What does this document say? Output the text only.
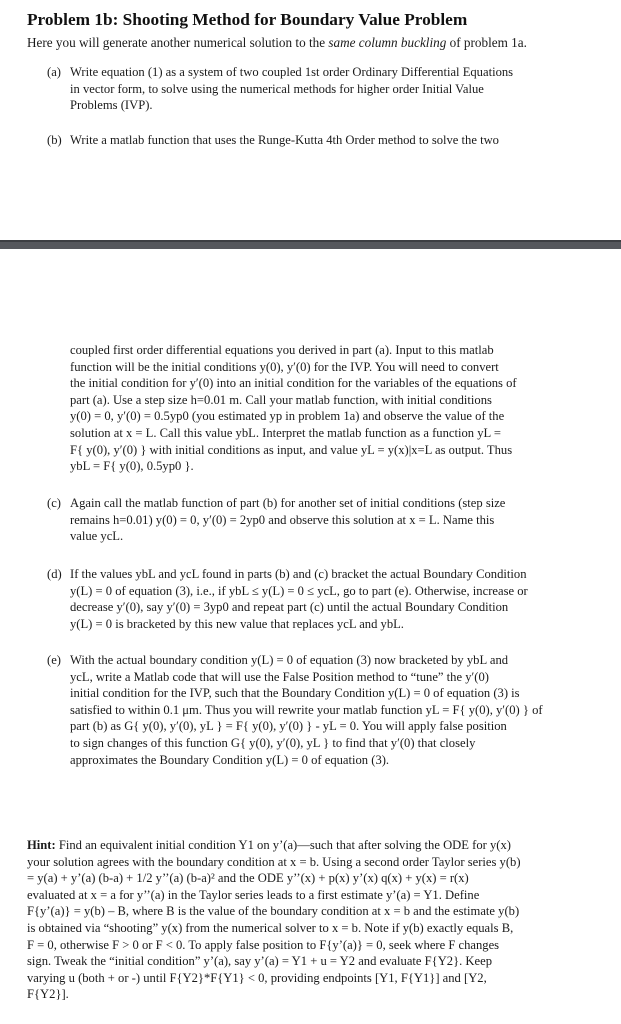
Problem 1b: Shooting Method for Boundary Value Problem
Here you will generate another numerical solution to the same column buckling of problem 1a.
(a) Write equation (1) as a system of two coupled 1st order Ordinary Differential Equations
in vector form, to solve using the numerical methods for higher order Initial Value
Problems (IVP).
(b) Write a matlab function that uses the Runge-Kutta 4th Order method to solve the two
coupled first order differential equations you derived in part (a). Input to this matlab
function will be the initial conditions y(0), y′(0) for the IVP. You will need to convert
the initial condition for y′(0) into an initial condition for the variables of the equations of
part (a). Use a step size h=0.01 m. Call your matlab function, with initial conditions
y(0) = 0, y′(0) = 0.5yp0 (you estimated yp in problem 1a) and observe the value of the
solution at x = L. Call this value ybL. Interpret the matlab function as a function yL =
F{ y(0), y′(0) } with initial conditions as input, and value yL = y(x)|x=L as output. Thus
ybL = F{ y(0), 0.5yp0 }.
(c) Again call the matlab function of part (b) for another set of initial conditions (step size
remains h=0.01) y(0) = 0, y′(0) = 2yp0 and observe this solution at x = L. Name this
value ycL.
(d) If the values ybL and ycL found in parts (b) and (c) bracket the actual Boundary Condition
y(L) = 0 of equation (3), i.e., if ybL ≤ y(L) = 0 ≤ ycL, go to part (e). Otherwise, increase or
decrease y′(0), say y′(0) = 3yp0 and repeat part (c) until the actual Boundary Condition
y(L) = 0 is bracketed by this new value that replaces ycL and ybL.
(e) With the actual boundary condition y(L) = 0 of equation (3) now bracketed by ybL and
ycL, write a Matlab code that will use the False Position method to “tune” the y′(0)
initial condition for the IVP, such that the Boundary Condition y(L) = 0 of equation (3) is
satisfied to within 0.1 μm. Thus you will rewrite your matlab function yL = F{ y(0), y′(0) } of
part (b) as G{ y(0), y′(0), yL } = F{ y(0), y′(0) } - yL = 0. You will apply false position
to sign changes of this function G{ y(0), y′(0), yL } to find that y′(0) that closely
approximates the Boundary Condition y(L) = 0 of equation (3).
Hint: Find an equivalent initial condition Y1 on y’(a)—such that after solving the ODE for y(x)
your solution agrees with the boundary condition at x = b. Using a second order Taylor series y(b)
= y(a) + y’(a) (b-a) + 1/2 y’’(a) (b-a)² and the ODE y’’(x) + p(x) y’(x) q(x) + y(x) = r(x)
evaluated at x = a for y’’(a) in the Taylor series leads to a first estimate y’(a) = Y1. Define
F{y’(a)} = y(b) – B, where B is the value of the boundary condition at x = b and the estimate y(b)
is obtained via “shooting” y(x) from the numerical solver to x = b. Note if y(b) exactly equals B,
F = 0, otherwise F > 0 or F < 0. To apply false position to F{y’(a)} = 0, seek where F changes
sign. Tweak the “initial condition” y’(a), say y’(a) = Y1 + u = Y2 and evaluate F{Y2}. Keep
varying u (both + or -) until F{Y2}*F{Y1} < 0, providing endpoints [Y1, F{Y1}] and [Y2,
F{Y2}].
